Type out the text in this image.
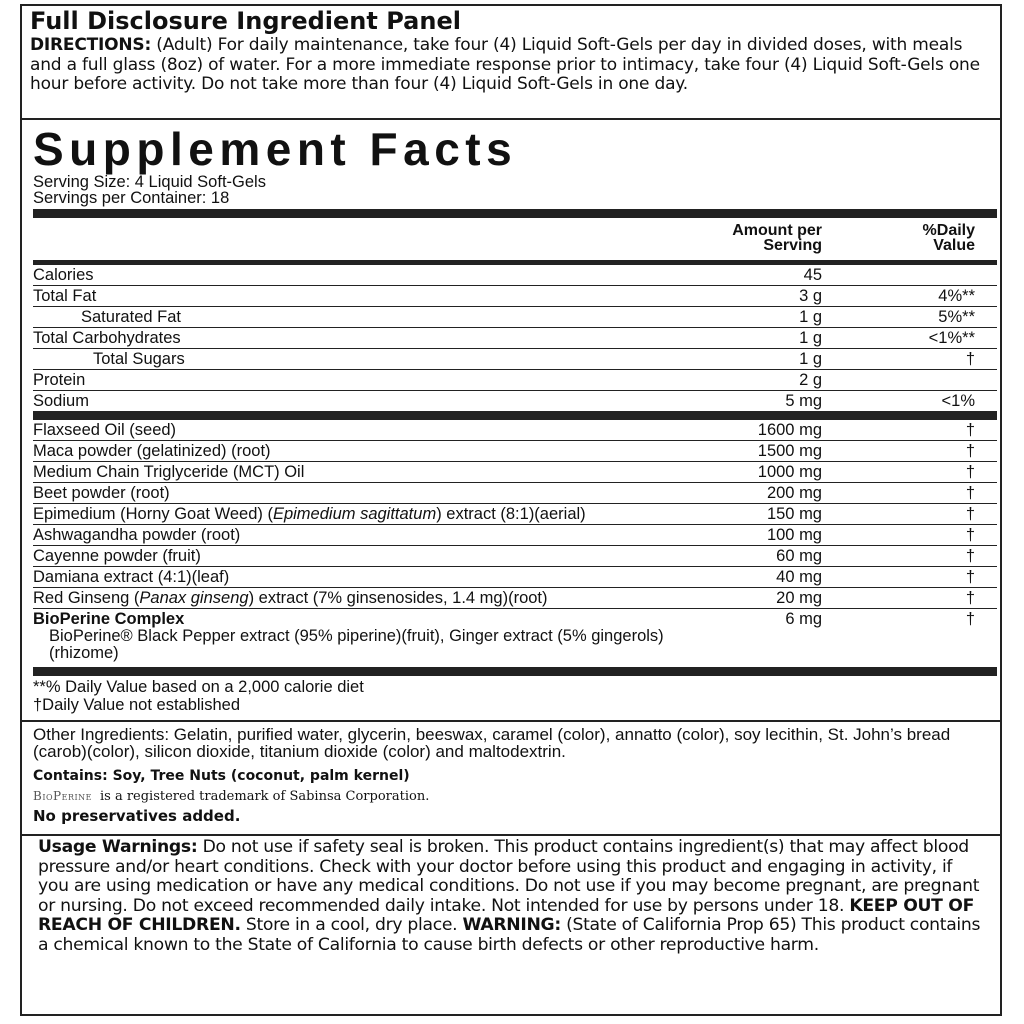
Full Disclosure Ingredient Panel
DIRECTIONS: (Adult) For daily maintenance, take four (4) Liquid Soft-Gels per day in divided doses, with meals and a full glass (8oz) of water. For a more immediate response prior to intimacy, take four (4) Liquid Soft-Gels one hour before activity. Do not take more than four (4) Liquid Soft-Gels in one day.
Supplement Facts
Serving Size: 4 Liquid Soft-Gels
Servings per Container: 18
Amount per
Serving
%Daily
Value
Calories	45
Total Fat	3 g	4%**
Saturated Fat	1 g	5%**
Total Carbohydrates	1 g	<1%**
Total Sugars	1 g	†
Protein	2 g
Sodium	5 mg	<1%
Flaxseed Oil (seed)	1600 mg	†
Maca powder (gelatinized) (root)	1500 mg	†
Medium Chain Triglyceride (MCT) Oil	1000 mg	†
Beet powder (root)	200 mg	†
Epimedium (Horny Goat Weed) (Epimedium sagittatum) extract (8:1)(aerial)	150 mg	†
Ashwagandha powder (root)	100 mg	†
Cayenne powder (fruit)	60 mg	†
Damiana extract (4:1)(leaf)	40 mg	†
Red Ginseng (Panax ginseng) extract (7% ginsenosides, 1.4 mg)(root)	20 mg	†
BioPerine Complex	6 mg	†
BioPerine® Black Pepper extract (95% piperine)(fruit), Ginger extract (5% gingerols)(rhizome)
**% Daily Value based on a 2,000 calorie diet
†Daily Value not established
Other Ingredients: Gelatin, purified water, glycerin, beeswax, caramel (color), annatto (color), soy lecithin, St. John’s bread (carob)(color), silicon dioxide, titanium dioxide (color) and maltodextrin.
Contains: Soy, Tree Nuts (coconut, palm kernel)
BioPerine is a registered trademark of Sabinsa Corporation.
No preservatives added.
Usage Warnings: Do not use if safety seal is broken. This product contains ingredient(s) that may affect blood pressure and/or heart conditions. Check with your doctor before using this product and engaging in activity, if you are using medication or have any medical conditions. Do not use if you may become pregnant, are pregnant or nursing. Do not exceed recommended daily intake. Not intended for use by persons under 18. KEEP OUT OF REACH OF CHILDREN. Store in a cool, dry place. WARNING: (State of California Prop 65) This product contains a chemical known to the State of California to cause birth defects or other reproductive harm.
